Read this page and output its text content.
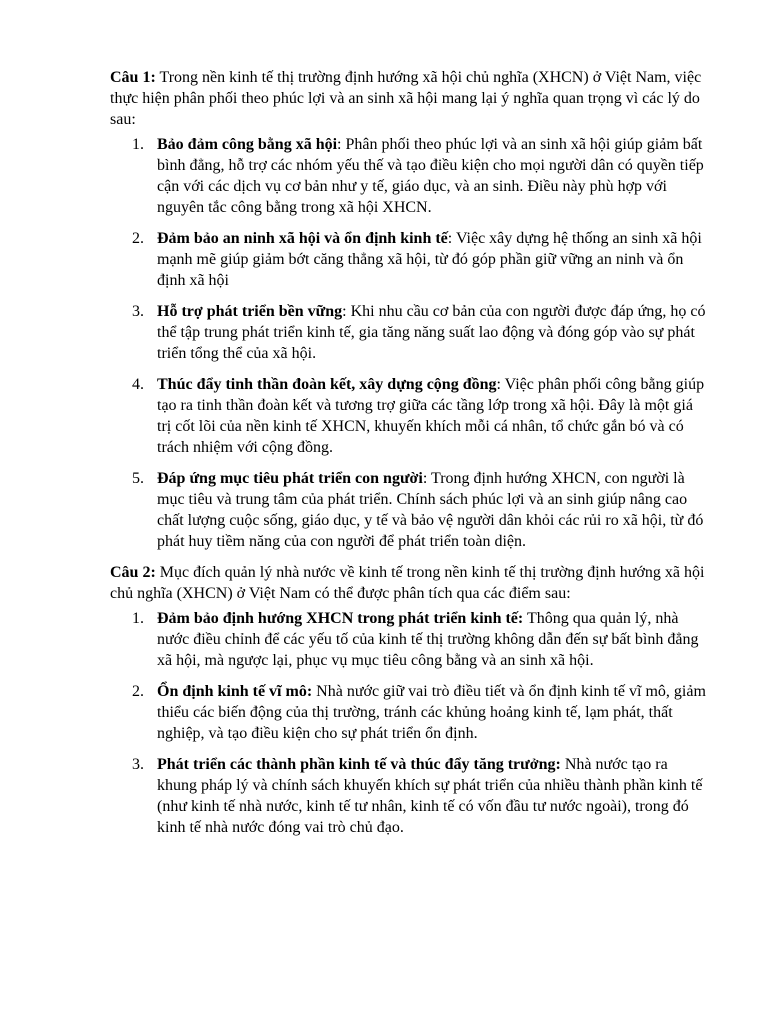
Câu 1: Trong nền kinh tế thị trường định hướng xã hội chủ nghĩa (XHCN) ở Việt Nam, việc thực hiện phân phối theo phúc lợi và an sinh xã hội mang lại ý nghĩa quan trọng vì các lý do sau:

1. Bảo đảm công bằng xã hội: Phân phối theo phúc lợi và an sinh xã hội giúp giảm bất bình đẳng, hỗ trợ các nhóm yếu thế và tạo điều kiện cho mọi người dân có quyền tiếp cận với các dịch vụ cơ bản như y tế, giáo dục, và an sinh. Điều này phù hợp với nguyên tắc công bằng trong xã hội XHCN.
2. Đảm bảo an ninh xã hội và ổn định kinh tế: Việc xây dựng hệ thống an sinh xã hội mạnh mẽ giúp giảm bớt căng thẳng xã hội, từ đó góp phần giữ vững an ninh và ổn định xã hội
3. Hỗ trợ phát triển bền vững: Khi nhu cầu cơ bản của con người được đáp ứng, họ có thể tập trung phát triển kinh tế, gia tăng năng suất lao động và đóng góp vào sự phát triển tổng thể của xã hội.
4. Thúc đẩy tinh thần đoàn kết, xây dựng cộng đồng: Việc phân phối công bằng giúp tạo ra tinh thần đoàn kết và tương trợ giữa các tầng lớp trong xã hội. Đây là một giá trị cốt lõi của nền kinh tế XHCN, khuyến khích mỗi cá nhân, tổ chức gắn bó và có trách nhiệm với cộng đồng.
5. Đáp ứng mục tiêu phát triển con người: Trong định hướng XHCN, con người là mục tiêu và trung tâm của phát triển. Chính sách phúc lợi và an sinh giúp nâng cao chất lượng cuộc sống, giáo dục, y tế và bảo vệ người dân khỏi các rủi ro xã hội, từ đó phát huy tiềm năng của con người để phát triển toàn diện.

Câu 2: Mục đích quản lý nhà nước về kinh tế trong nền kinh tế thị trường định hướng xã hội chủ nghĩa (XHCN) ở Việt Nam có thể được phân tích qua các điểm sau:

1. Đảm bảo định hướng XHCN trong phát triển kinh tế: Thông qua quản lý, nhà nước điều chỉnh để các yếu tố của kinh tế thị trường không dẫn đến sự bất bình đẳng xã hội, mà ngược lại, phục vụ mục tiêu công bằng và an sinh xã hội.
2. Ổn định kinh tế vĩ mô: Nhà nước giữ vai trò điều tiết và ổn định kinh tế vĩ mô, giảm thiểu các biến động của thị trường, tránh các khủng hoảng kinh tế, lạm phát, thất nghiệp, và tạo điều kiện cho sự phát triển ổn định.
3. Phát triển các thành phần kinh tế và thúc đẩy tăng trưởng: Nhà nước tạo ra khung pháp lý và chính sách khuyến khích sự phát triển của nhiều thành phần kinh tế (như kinh tế nhà nước, kinh tế tư nhân, kinh tế có vốn đầu tư nước ngoài), trong đó kinh tế nhà nước đóng vai trò chủ đạo.
